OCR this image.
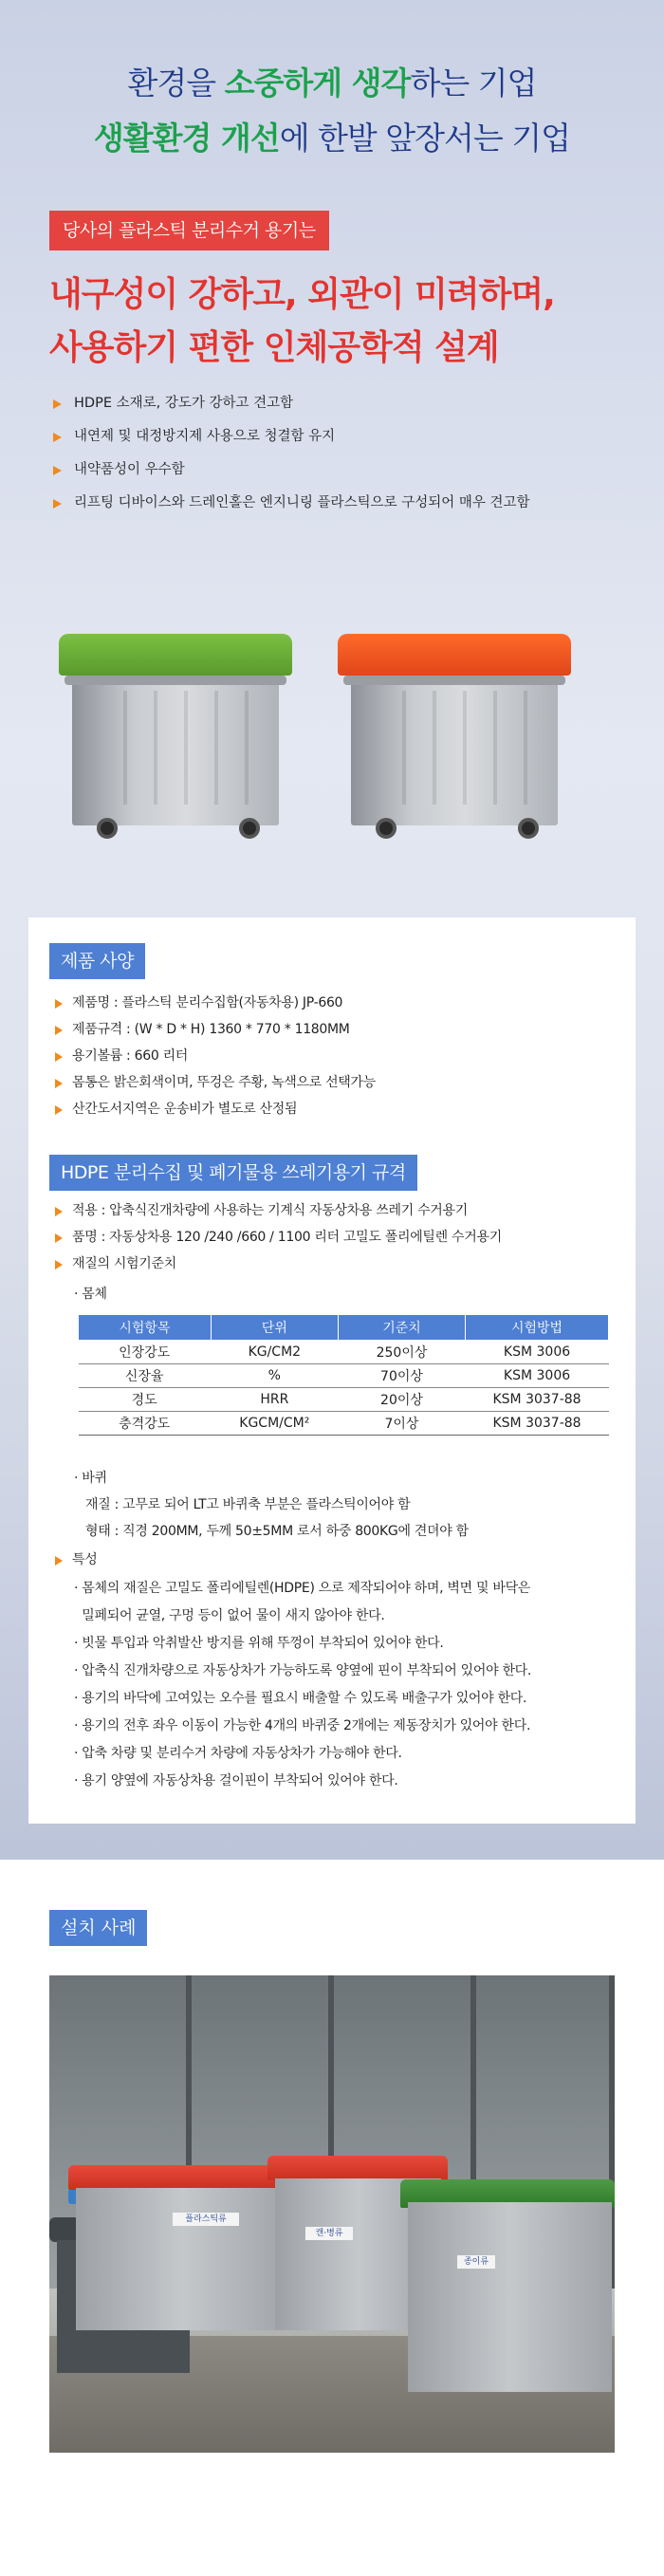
환경을 소중하게 생각하는 기업
생활환경 개선에 한발 앞장서는 기업
당사의 플라스틱 분리수거 용기는
내구성이 강하고, 외관이 미려하며,
사용하기 편한 인체공학적 설계
HDPE 소재로, 강도가 강하고 견고함
내연제 및 대정방지제 사용으로 청결함 유지
내약품성이 우수함
리프팅 디바이스와 드레인홀은 엔지니링 플라스틱으로 구성되어 매우 견고함
제품 사양
제품명 : 플라스틱 분리수집함(자동차용) JP-660
제품규격 : (W * D * H) 1360 * 770 * 1180MM
용기볼륨 : 660 리터
몸통은 밝은회색이며, 뚜겅은 주황, 녹색으로 선택가능
산간도서지역은 운송비가 별도로 산정됨
HDPE 분리수집 및 폐기물용 쓰레기용기 규격
적용 : 압축식진개차량에 사용하는 기계식 자동상차용 쓰레기 수거용기
품명 : 자동상차용 120 /240 /660 / 1100 리터 고밀도 폴리에틸렌 수거용기
재질의 시험기준치
· 몸체
시험항목	단위	기준치	시험방법
인장강도	KG/CM2	250이상	KSM 3006
신장율	%	70이상	KSM 3006
경도	HRR	20이상	KSM 3037-88
충격강도	KGCM/CM²	7이상	KSM 3037-88
· 바퀴
재질 : 고무로 되어 LT고 바퀴축 부분은 플라스틱이어야 함
형태 : 직경 200MM, 두께 50±5MM 로서 하중 800KG에 견뎌야 함
특성
· 몸체의 재질은 고밀도 폴리에틸렌(HDPE) 으로 제작되어야 하며, 벽면 및 바닥은
밀페되어 균열, 구멍 등이 없어 물이 새지 않아야 한다.
· 빗물 투입과 악취발산 방지를 위해 뚜껑이 부착되어 있어야 한다.
· 압축식 진개차량으로 자동상차가 가능하도록 양옆에 핀이 부착되어 있어야 한다.
· 용기의 바닥에 고여있는 오수를 필요시 배출할 수 있도록 배출구가 있어야 한다.
· 용기의 전후 좌우 이동이 가능한 4개의 바퀴중 2개에는 제동장치가 있어야 한다.
· 압축 차량 및 분리수거 차량에 자동상차가 가능해야 한다.
· 용기 양옆에 자동상차용 걸이핀이 부착되어 있어야 한다.
설치 사례
플라스틱류
캔·병류
종이류
